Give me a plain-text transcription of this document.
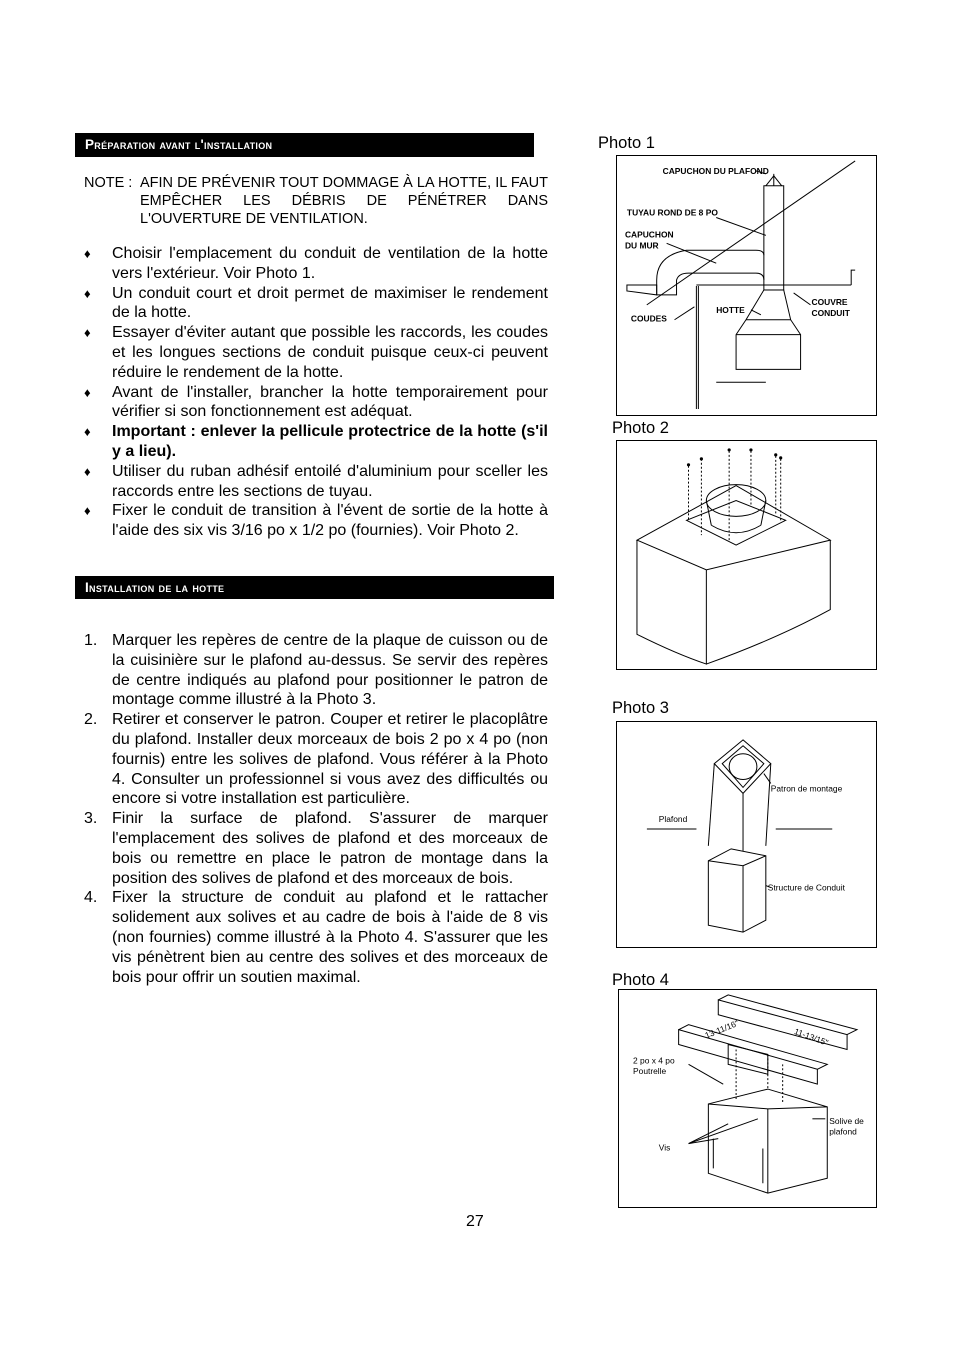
Préparation avant l'installation
NOTE : AFIN DE PRÉVENIR TOUT DOMMAGE À LA HOTTE, IL FAUT EMPÊCHER LES DÉBRIS DE PÉNÉTRER DANS L'OUVERTURE DE VENTILATION.
♦ Choisir l'emplacement du conduit de ventilation de la hotte vers l'extérieur. Voir Photo 1.
♦ Un conduit court et droit permet de maximiser le rendement de la hotte.
♦ Essayer d'éviter autant que possible les raccords, les coudes et les longues sections de conduit puisque ceux-ci peuvent réduire le rendement de la hotte.
♦ Avant de l'installer, brancher la hotte temporairement pour vérifier si son fonctionnement est adéquat.
♦ Important : enlever la pellicule protectrice de la hotte (s'il y a lieu).
♦ Utiliser du ruban adhésif entoilé d'aluminium pour sceller les raccords entre les sections de tuyau.
♦ Fixer le conduit de transition à l'évent de sortie de la hotte à l'aide des six vis 3/16 po x 1/2 po (fournies). Voir Photo 2.
Installation de la hotte
1. Marquer les repères de centre de la plaque de cuisson ou de la cuisinière sur le plafond au-dessus. Se servir des repères de centre indiqués au plafond pour positionner le patron de montage comme illustré à la Photo 3.
2. Retirer et conserver le patron. Couper et retirer le placoplâtre du plafond. Installer deux morceaux de bois 2 po x 4 po (non fournis) entre les solives de plafond. Vous référer à la Photo 4. Consulter un professionnel si vous avez des difficultés ou encore si votre installation est particulière.
3. Finir la surface de plafond. S'assurer de marquer l'emplacement des solives de plafond et des morceaux de bois ou remettre en place le patron de montage dans la position des solives de plafond et des morceaux de bois.
4. Fixer la structure de conduit au plafond et le rattacher solidement aux solives et au cadre de bois à l'aide de 8 vis (non fournies) comme illustré à la Photo 4. S'assurer que les vis pénètrent bien au centre des solives et des morceaux de bois pour offrir un soutien maximal.
Photo 1
CAPUCHON DU PLAFOND
TUYAU ROND DE 8 PO
CAPUCHON
DU MUR
COUDES
HOTTE
COUVRE
CONDUIT
Photo 2
Photo 3
Patron de montage
Plafond
Structure de Conduit
Photo 4
13-11/16"	11-13/15"
2 po x 4 po
Poutrelle
Solive de
plafond
Vis
27
